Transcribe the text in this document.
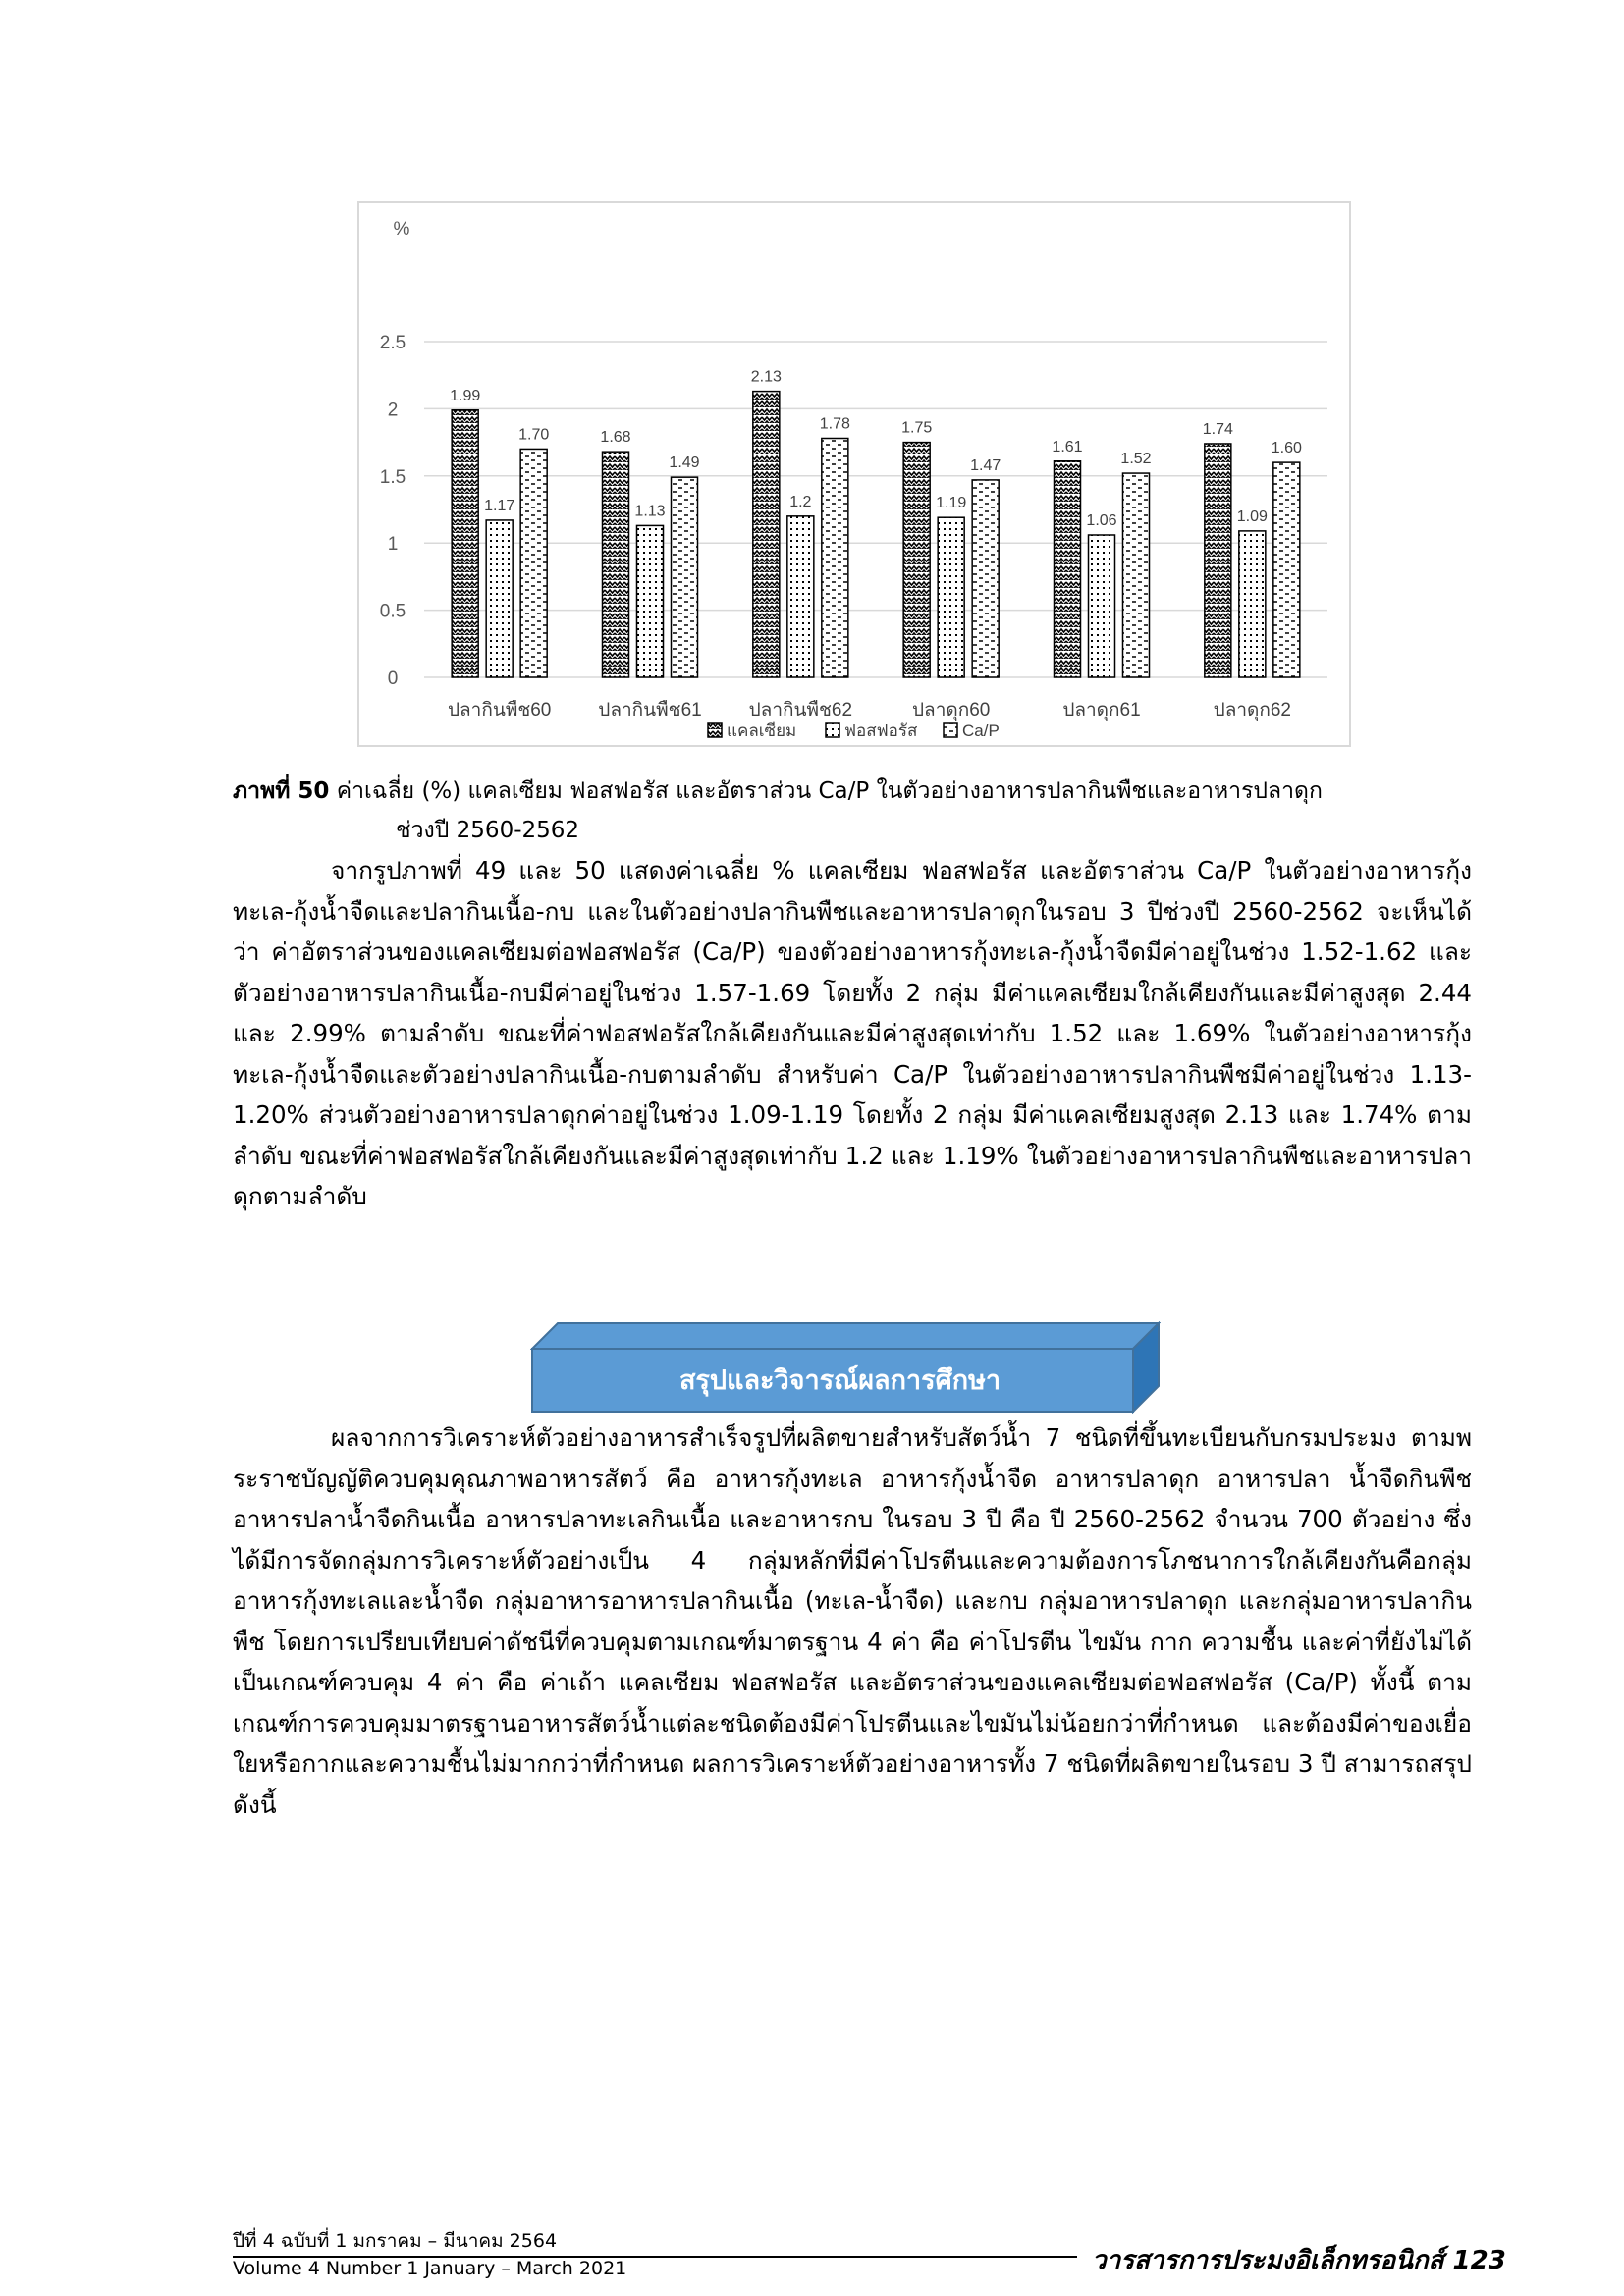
1.99
1.17
1.70	1.68
1.13
1.49
2.13
1.2
1.78	1.75
1.19
1.47
1.61
1.06
1.52
1.74
1.09
1.60
0
0.5
1
1.5
2
2.5
%
ปลากินพืช60	ปลากินพืช61	ปลากินพืช62	ปลาดุก60	ปลาดุก61	ปลาดุก62
แคลเซียม	ฟอสฟอรัส	Ca/P
ภาพที่ 50 ค่าเฉลี่ย (%) แคลเซียม ฟอสฟอรัส และอัตราส่วน Ca/P ในตัวอย่างอาหารปลากินพืชและอาหารปลาดุก
ช่วงปี 2560-2562

จากรูปภาพที่ 49 และ 50 แสดงค่าเฉลี่ย % แคลเซียม ฟอสฟอรัส และอัตราส่วน Ca/P ในตัวอย่างอาหารกุ้งทะเล-กุ้งน้ำจืดและปลากินเนื้อ-กบ และในตัวอย่างปลากินพืชและอาหารปลาดุกในรอบ 3 ปีช่วงปี 2560-2562 จะเห็นได้ว่า ค่าอัตราส่วนของแคลเซียมต่อฟอสฟอรัส (Ca/P) ของตัวอย่างอาหารกุ้งทะเล-กุ้งน้ำจืดมีค่าอยู่ในช่วง 1.52-1.62 และตัวอย่างอาหารปลากินเนื้อ-กบมีค่าอยู่ในช่วง 1.57-1.69 โดยทั้ง 2 กลุ่ม มีค่าแคลเซียมใกล้เคียงกันและมีค่าสูงสุด 2.44 และ 2.99% ตามลำดับ ขณะที่ค่าฟอสฟอรัสใกล้เคียงกันและมีค่าสูงสุดเท่ากับ 1.52 และ 1.69% ในตัวอย่างอาหารกุ้งทะเล-กุ้งน้ำจืดและตัวอย่างปลากินเนื้อ-กบตามลำดับ สำหรับค่า Ca/P ในตัวอย่างอาหารปลากินพืชมีค่าอยู่ในช่วง 1.13-1.20% ส่วนตัวอย่างอาหารปลาดุกค่าอยู่ในช่วง 1.09-1.19 โดยทั้ง 2 กลุ่ม มีค่าแคลเซียมสูงสุด 2.13 และ 1.74% ตามลำดับ ขณะที่ค่าฟอสฟอรัสใกล้เคียงกันและมีค่าสูงสุดเท่ากับ 1.2 และ 1.19% ในตัวอย่างอาหารปลากินพืชและอาหารปลาดุกตามลำดับ

สรุปและวิจารณ์ผลการศึกษา

ผลจากการวิเคราะห์ตัวอย่างอาหารสำเร็จรูปที่ผลิตขายสำหรับสัตว์น้ำ 7 ชนิดที่ขึ้นทะเบียนกับกรมประมง ตามพระราชบัญญัติควบคุมคุณภาพอาหารสัตว์ คือ อาหารกุ้งทะเล อาหารกุ้งน้ำจืด อาหารปลาดุก อาหารปลา น้ำจืดกินพืช อาหารปลาน้ำจืดกินเนื้อ อาหารปลาทะเลกินเนื้อ และอาหารกบ ในรอบ 3 ปี คือ ปี 2560-2562 จำนวน 700 ตัวอย่าง ซึ่งได้มีการจัดกลุ่มการวิเคราะห์ตัวอย่างเป็น 4 กลุ่มหลักที่มีค่าโปรตีนและความต้องการโภชนาการใกล้เคียงกันคือกลุ่มอาหารกุ้งทะเลและน้ำจืด กลุ่มอาหารอาหารปลากินเนื้อ (ทะเล-น้ำจืด) และกบ กลุ่มอาหารปลาดุก และกลุ่มอาหารปลากินพืช โดยการเปรียบเทียบค่าดัชนีที่ควบคุมตามเกณฑ์มาตรฐาน 4 ค่า คือ ค่าโปรตีน ไขมัน กาก ความชื้น และค่าที่ยังไม่ได้เป็นเกณฑ์ควบคุม 4 ค่า คือ ค่าเถ้า แคลเซียม ฟอสฟอรัส และอัตราส่วนของแคลเซียมต่อฟอสฟอรัส (Ca/P) ทั้งนี้ ตามเกณฑ์การควบคุมมาตรฐานอาหารสัตว์น้ำแต่ละชนิดต้องมีค่าโปรตีนและไขมันไม่น้อยกว่าที่กำหนด และต้องมีค่าของเยื่อใยหรือกากและความชื้นไม่มากกว่าที่กำหนด ผลการวิเคราะห์ตัวอย่างอาหารทั้ง 7 ชนิดที่ผลิตขายในรอบ 3 ปี สามารถสรุป ดังนี้

ปีที่ 4 ฉบับที่ 1 มกราคม – มีนาคม 2564
Volume 4 Number 1 January – March 2021	วารสารการประมงอิเล็กทรอนิกส์ 123
